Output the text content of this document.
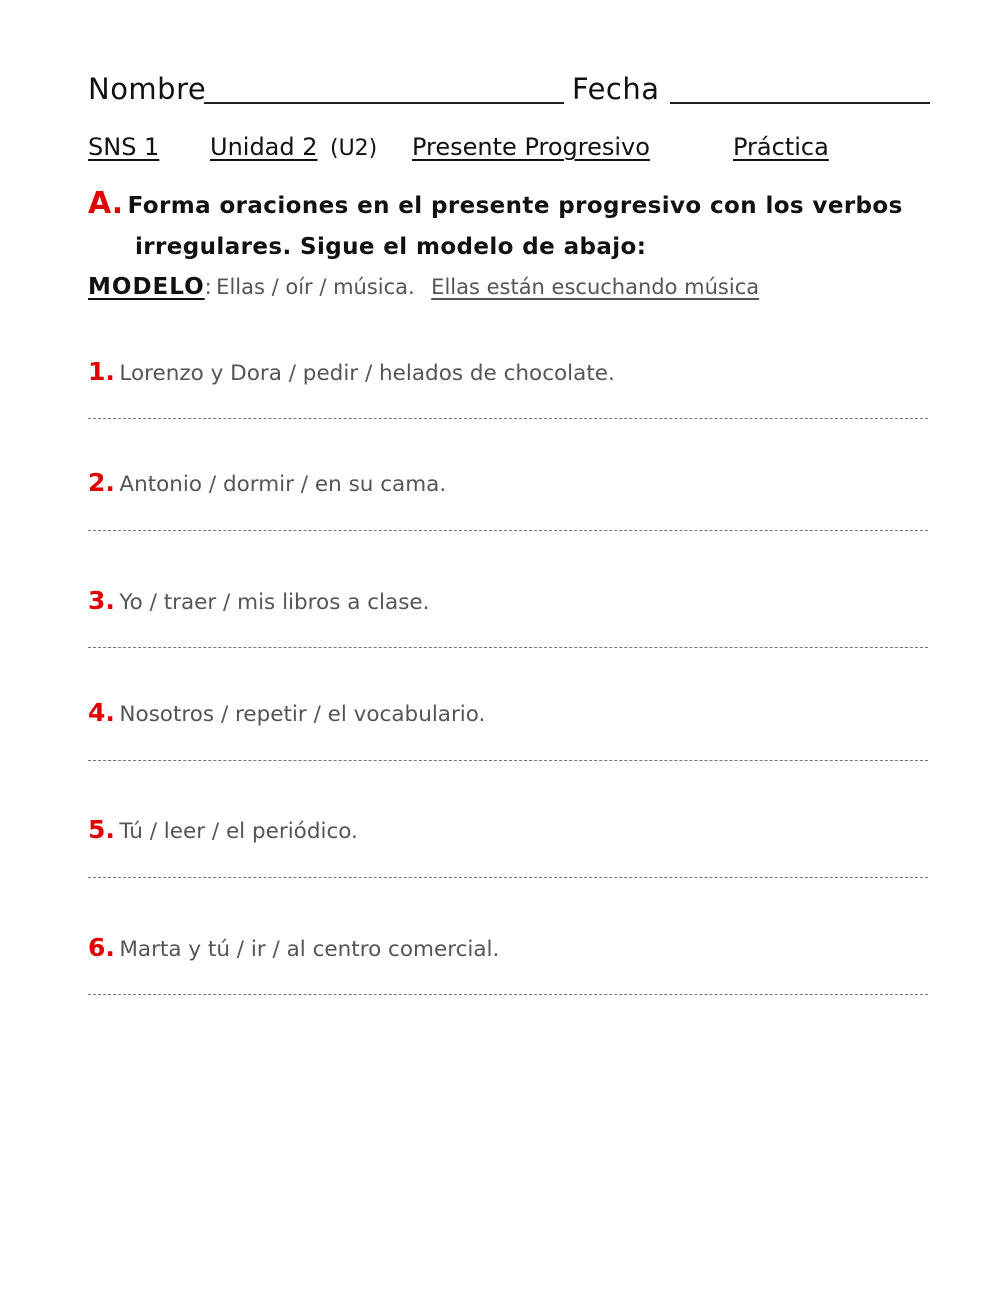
Nombre	Fecha
SNS 1 Unidad 2 (U2) Presente Progresivo	Práctica
A. Forma oraciones en el presente progresivo con los verbos
irregulares. Sigue el modelo de abajo:
MODELO: Ellas / oír / música. Ellas están escuchando música
1. Lorenzo y Dora / pedir / helados de chocolate.
2. Antonio / dormir / en su cama.
3. Yo / traer / mis libros a clase.
4. Nosotros / repetir / el vocabulario.
5. Tú / leer / el periódico.
6. Marta y tú / ir / al centro comercial.
